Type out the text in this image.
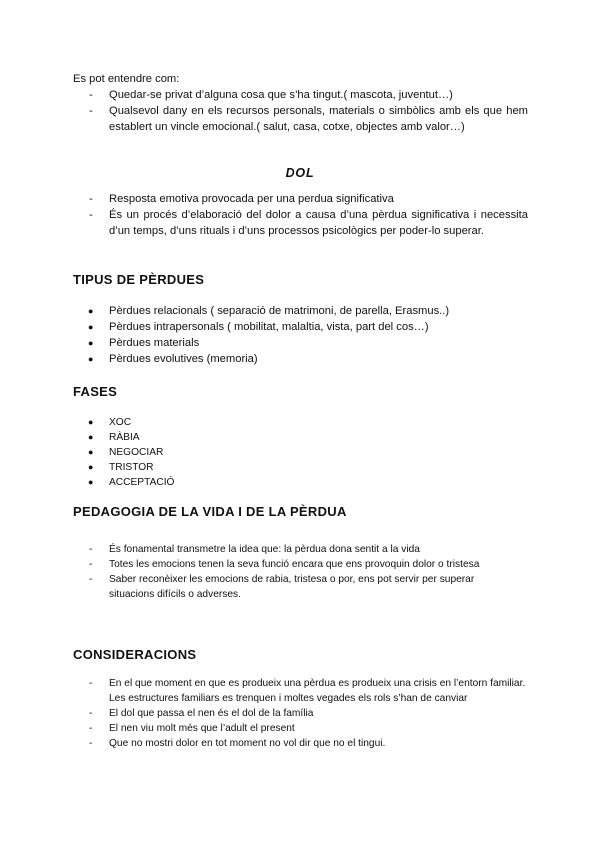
Es pot entendre com:
- Quedar-se privat d’alguna cosa que s’ha tingut.( mascota, juventut…)
- Qualsevol dany en els recursos personals, materials o simbòlics amb els que hem establert un vincle emocional.( salut, casa, cotxe, objectes amb valor…)
DOL
- Resposta emotiva provocada per una perdua significativa
- És un procés d’elaboració del dolor a causa d’una pèrdua significativa i necessita d’un temps, d’uns rituals i d’uns processos psicològics per poder-lo superar.
TIPUS DE PÈRDUES
● Pèrdues relacionals ( separació de matrimoni, de parella, Erasmus..)
● Pèrdues intrapersonals ( mobilitat, malaltia, vista, part del cos…)
● Pèrdues materials
● Pèrdues evolutives (memoria)
FASES
● XOC
● RÀBIA
● NEGOCIAR
● TRISTOR
● ACCEPTACIÓ
PEDAGOGIA DE LA VIDA I DE LA PÈRDUA
- És fonamental transmetre la idea que: la pèrdua dona sentit a la vida
- Totes les emocions tenen la seva funció encara que ens provoquin dolor o tristesa
- Saber reconèixer les emocions de rabia, tristesa o por, ens pot servir per superar situacions difícils o adverses.
CONSIDERACIONS
- En el que moment en que es produeix una pèrdua es produeix una crisis en l’entorn familiar. Les estructures familiars es trenquen i moltes vegades els rols s’han de canviar
- El dol que passa el nen és el dol de la família
- El nen viu molt més que l’adult el present
- Que no mostri dolor en tot moment no vol dir que no el tingui.
